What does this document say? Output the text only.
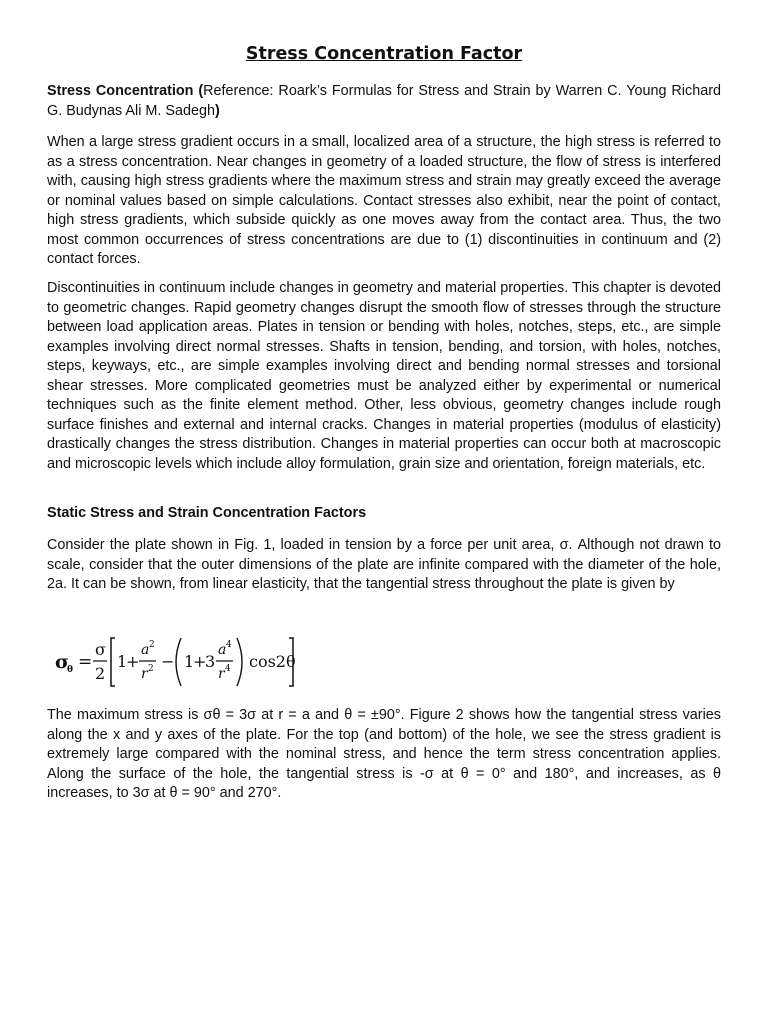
Stress Concentration Factor

Stress Concentration (Reference: Roark’s Formulas for Stress and Strain by Warren C. Young Richard G. Budynas Ali M. Sadegh)

When a large stress gradient occurs in a small, localized area of a structure, the high stress is referred to as a stress concentration. Near changes in geometry of a loaded structure, the flow of stress is interfered with, causing high stress gradients where the maximum stress and strain may greatly exceed the average or nominal values based on simple calculations. Contact stresses also exhibit, near the point of contact, high stress gradients, which subside quickly as one moves away from the contact area. Thus, the two most common occurrences of stress concentrations are due to (1) discontinuities in continuum and (2) contact forces.

Discontinuities in continuum include changes in geometry and material properties. This chapter is devoted to geometric changes. Rapid geometry changes disrupt the smooth flow of stresses through the structure between load application areas. Plates in tension or bending with holes, notches, steps, etc., are simple examples involving direct normal stresses. Shafts in tension, bending, and torsion, with holes, notches, steps, keyways, etc., are simple examples involving direct and bending normal stresses and torsional shear stresses. More complicated geometries must be analyzed either by experimental or numerical techniques such as the finite element method. Other, less obvious, geometry changes include rough surface finishes and external and internal cracks. Changes in material properties (modulus of elasticity) drastically changes the stress distribution. Changes in material properties can occur both at macroscopic and microscopic levels which include alloy formulation, grain size and orientation, foreign materials, etc.

Static Stress and Strain Concentration Factors

Consider the plate shown in Fig. 1, loaded in tension by a force per unit area, σ. Although not drawn to scale, consider that the outer dimensions of the plate are infinite compared with the diameter of the hole, 2a. It can be shown, from linear elasticity, that the tangential stress throughout the plate is given by

σ
θ =
σ
2
1
+
a 2
r 2 − 1
+
3
a 4
r 4 cos2θ

The maximum stress is σθ = 3σ at r = a and θ = ±90°. Figure 2 shows how the tangential stress varies along the x and y axes of the plate. For the top (and bottom) of the hole, we see the stress gradient is extremely large compared with the nominal stress, and hence the term stress concentration applies. Along the surface of the hole, the tangential stress is -σ at θ = 0° and 180°, and increases, as θ increases, to 3σ at θ = 90° and 270°.
